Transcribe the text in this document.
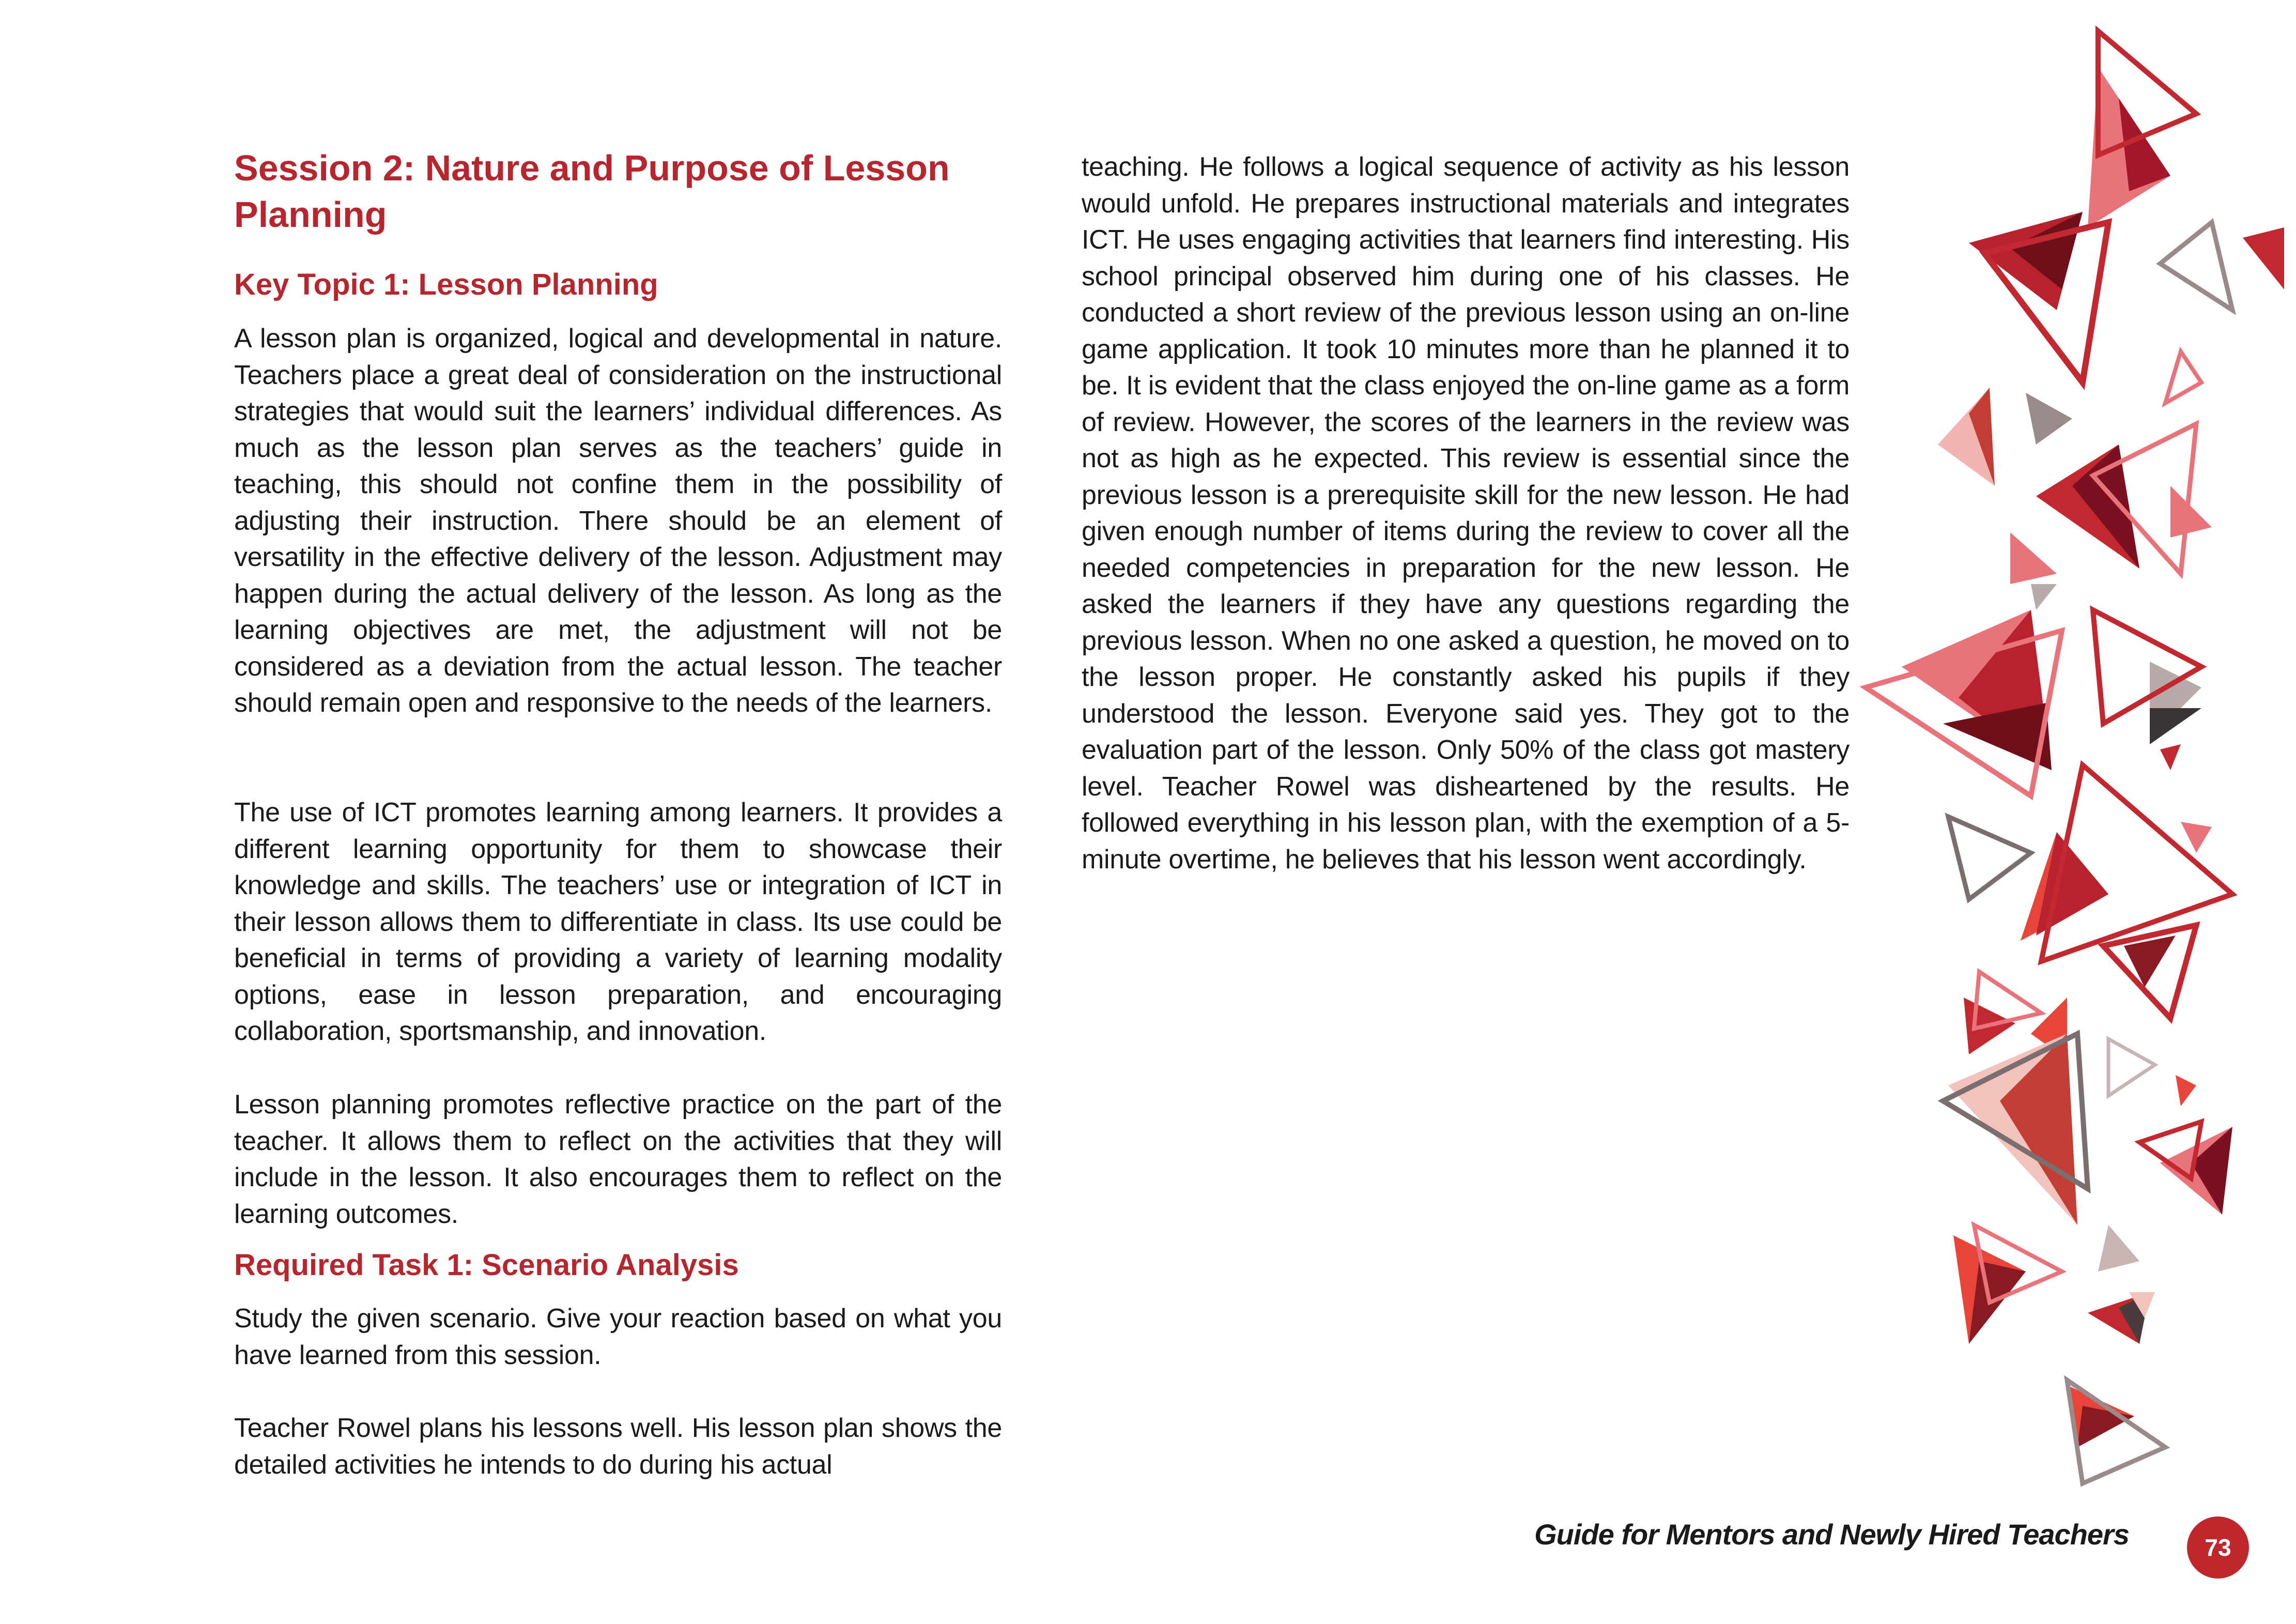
Session 2: Nature and Purpose of Lesson Planning
Key Topic 1: Lesson Planning

A lesson plan is organized, logical and developmental in nature. Teachers place a great deal of consideration on the instructional strategies that would suit the learners’ individual differences. As much as the lesson plan serves as the teachers’ guide in teaching, this should not confine them in the possibility of adjusting their instruction. There should be an element of versatility in the effective delivery of the lesson. Adjustment may happen during the actual delivery of the lesson. As long as the learning objectives are met, the adjustment will not be considered as a deviation from the actual lesson. The teacher should remain open and responsive to the needs of the learners.

The use of ICT promotes learning among learners. It provides a different learning opportunity for them to showcase their knowledge and skills. The teachers’ use or integration of ICT in their lesson allows them to differentiate in class. Its use could be beneficial in terms of providing a variety of learning modality options, ease in lesson preparation, and encouraging collaboration, sportsmanship, and innovation.

Lesson planning promotes reflective practice on the part of the teacher. It allows them to reflect on the activities that they will include in the lesson. It also encourages them to reflect on the learning outcomes.

Required Task 1: Scenario Analysis

Study the given scenario. Give your reaction based on what you have learned from this session.

Teacher Rowel plans his lessons well. His lesson plan shows the detailed activities he intends to do during his actual

teaching. He follows a logical sequence of activity as his lesson would unfold. He prepares instructional materials and integrates ICT. He uses engaging activities that learners find interesting. His school principal observed him during one of his classes. He conducted a short review of the previous lesson using an on-line game application. It took 10 minutes more than he planned it to be. It is evident that the class enjoyed the on-line game as a form of review. However, the scores of the learners in the review was not as high as he expected. This review is essential since the previous lesson is a prerequisite skill for the new lesson. He had given enough number of items during the review to cover all the needed competencies in preparation for the new lesson. He asked the learners if they have any questions regarding the previous lesson. When no one asked a question, he moved on to the lesson proper. He constantly asked his pupils if they understood the lesson. Everyone said yes. They got to the evaluation part of the lesson. Only 50% of the class got mastery level. Teacher Rowel was disheartened by the results. He followed everything in his lesson plan, with the exemption of a 5-minute overtime, he believes that his lesson went accordingly.

Guide for Mentors and Newly Hired Teachers	73
